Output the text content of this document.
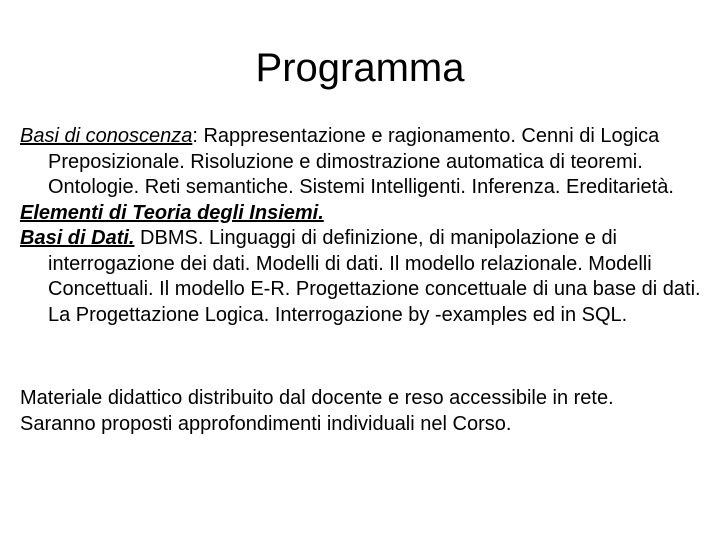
Programma

Basi di conoscenza: Rappresentazione e ragionamento. Cenni di Logica Preposizionale. Risoluzione e dimostrazione automatica di teoremi. Ontologie. Reti semantiche. Sistemi Intelligenti. Inferenza. Ereditarietà.

Elementi di Teoria degli Insiemi.

Basi di Dati. DBMS. Linguaggi di definizione, di manipolazione e di interrogazione dei dati. Modelli di dati. Il modello relazionale. Modelli Concettuali. Il modello E-R. Progettazione concettuale di una base di dati. La Progettazione Logica. Interrogazione by -examples ed in SQL.

Materiale didattico distribuito dal docente e reso accessibile in rete.

Saranno proposti approfondimenti individuali nel Corso.
